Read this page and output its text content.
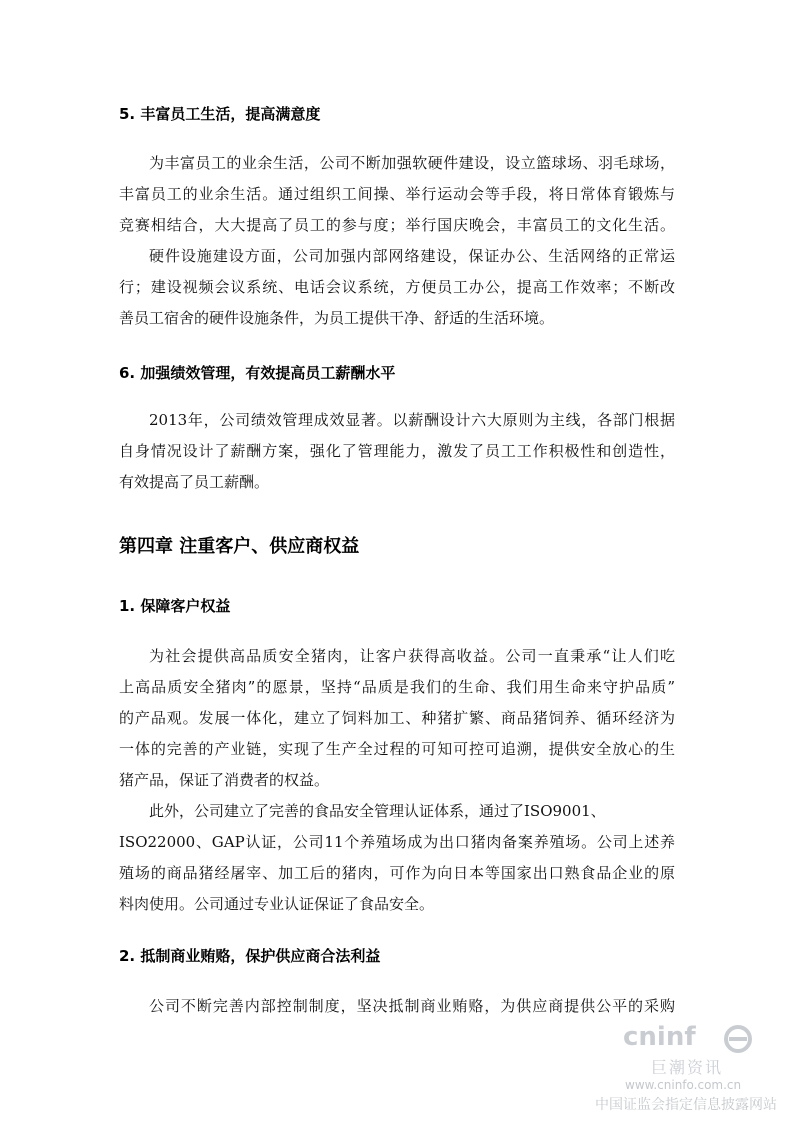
5. 丰富员工生活，提高满意度
为丰富员工的业余生活，公司不断加强软硬件建设，设立篮球场、羽毛球场，
丰富员工的业余生活。通过组织工间操、举行运动会等手段，将日常体育锻炼与
竞赛相结合，大大提高了员工的参与度；举行国庆晚会，丰富员工的文化生活。
硬件设施建设方面，公司加强内部网络建设，保证办公、生活网络的正常运
行；建设视频会议系统、电话会议系统，方便员工办公，提高工作效率；不断改
善员工宿舍的硬件设施条件，为员工提供干净、舒适的生活环境。
6. 加强绩效管理，有效提高员工薪酬水平
2013年，公司绩效管理成效显著。以薪酬设计六大原则为主线，各部门根据
自身情况设计了薪酬方案，强化了管理能力，激发了员工工作积极性和创造性，
有效提高了员工薪酬。
第四章 注重客户、供应商权益
1. 保障客户权益
为社会提供高品质安全猪肉，让客户获得高收益。公司一直秉承“让人们吃
上高品质安全猪肉”的愿景，坚持“品质是我们的生命、我们用生命来守护品质”
的产品观。发展一体化，建立了饲料加工、种猪扩繁、商品猪饲养、循环经济为
一体的完善的产业链，实现了生产全过程的可知可控可追溯，提供安全放心的生
猪产品，保证了消费者的权益。
此外，公司建立了完善的食品安全管理认证体系，通过了ISO9001、
ISO22000、GAP认证，公司11个养殖场成为出口猪肉备案养殖场。公司上述养
殖场的商品猪经屠宰、加工后的猪肉，可作为向日本等国家出口熟食品企业的原
料肉使用。公司通过专业认证保证了食品安全。
2. 抵制商业贿赂，保护供应商合法利益
公司不断完善内部控制制度，坚决抵制商业贿赂，为供应商提供公平的采购
cninf
巨潮资讯
www.cninfo.com.cn
中国证监会指定信息披露网站
